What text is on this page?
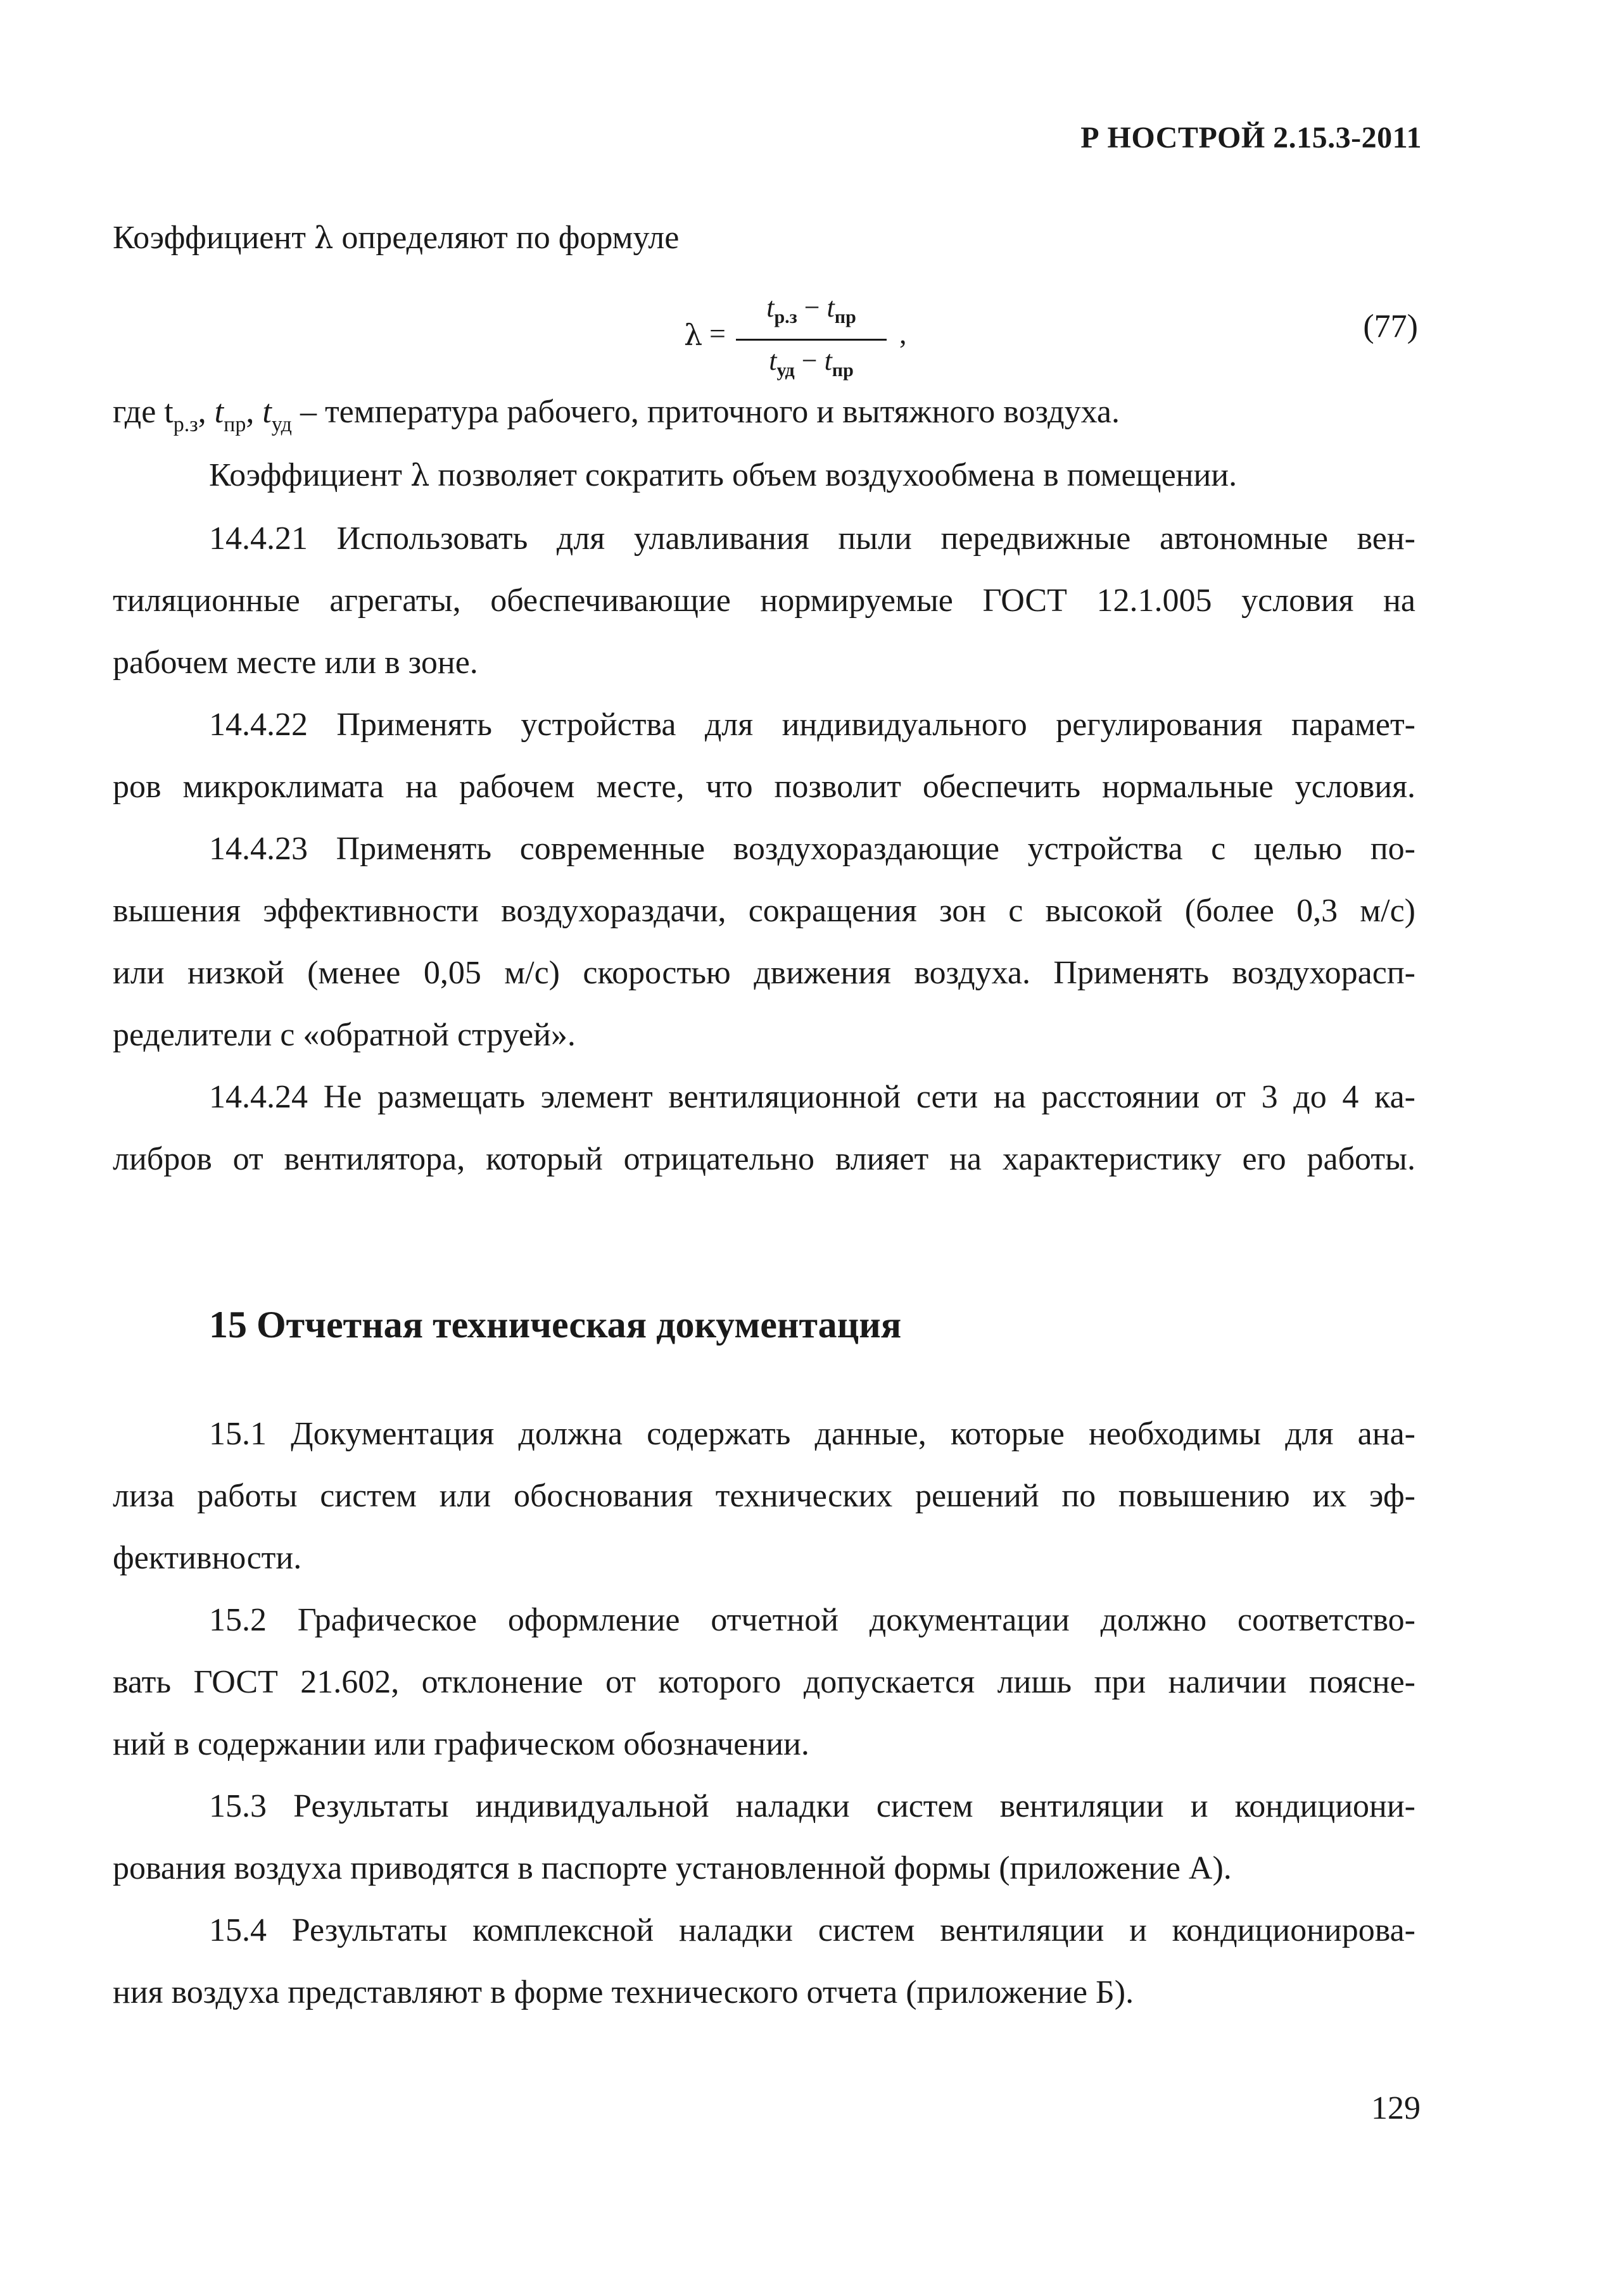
Р НОСТРОЙ 2.15.3-2011
Коэффициент λ определяют по формуле
λ =
$t_{р.з} - t_{пр}$
$t_{уд} - t_{пр}$
,	(77)
где $t_{р.з}$, $t_{пр}$, $t_{уд}$ – температура рабочего, приточного и вытяжного воздуха.
Коэффициент λ позволяет сократить объем воздухообмена в помещении.
14.4.21 Использовать для улавливания пыли передвижные автономные вен-
тиляционные агрегаты, обеспечивающие нормируемые ГОСТ 12.1.005 условия на
рабочем месте или в зоне.
14.4.22 Применять устройства для индивидуального регулирования парамет-
ров микроклимата на рабочем месте, что позволит обеспечить нормальные условия.
14.4.23 Применять современные воздухораздающие устройства с целью по-
вышения эффективности воздухораздачи, сокращения зон с высокой (более 0,3 м/с)
или низкой (менее 0,05 м/с) скоростью движения воздуха. Применять воздухорасп-
ределители с «обратной струей».
14.4.24 Не размещать элемент вентиляционной сети на расстоянии от 3 до 4 ка-
либров от вентилятора, который отрицательно влияет на характеристику его работы.
15 Отчетная техническая документация
15.1 Документация должна содержать данные, которые необходимы для ана-
лиза работы систем или обоснования технических решений по повышению их эф-
фективности.
15.2 Графическое оформление отчетной документации должно соответство-
вать ГОСТ 21.602, отклонение от которого допускается лишь при наличии поясне-
ний в содержании или графическом обозначении.
15.3 Результаты индивидуальной наладки систем вентиляции и кондициони-
рования воздуха приводятся в паспорте установленной формы (приложение А).
15.4 Результаты комплексной наладки систем вентиляции и кондиционирова-
ния воздуха представляют в форме технического отчета (приложение Б).
129
